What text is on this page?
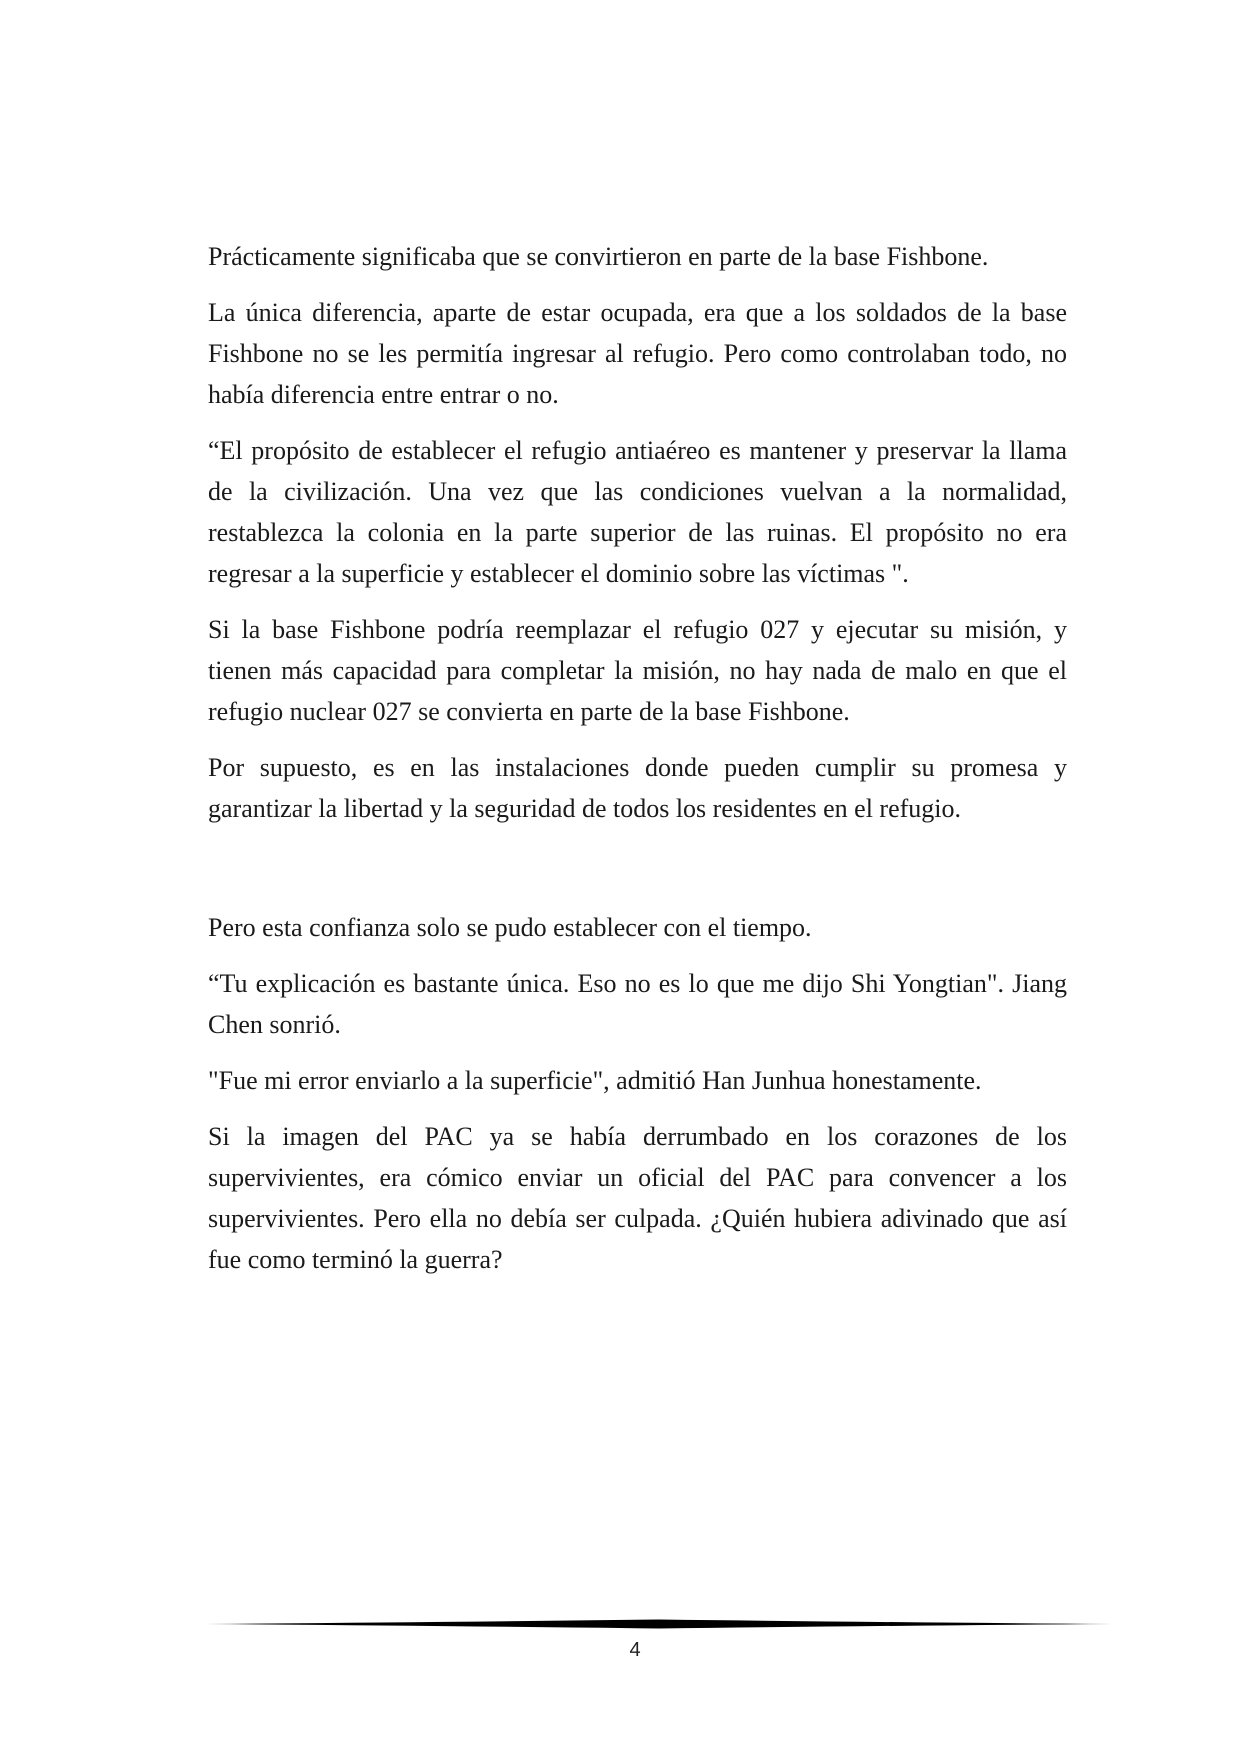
Prácticamente significaba que se convirtieron en parte de la base Fishbone.

La única diferencia, aparte de estar ocupada, era que a los soldados de la base Fishbone no se les permitía ingresar al refugio. Pero como controlaban todo, no había diferencia entre entrar o no.

“El propósito de establecer el refugio antiaéreo es mantener y preservar la llama de la civilización. Una vez que las condiciones vuelvan a la normalidad, restablezca la colonia en la parte superior de las ruinas. El propósito no era regresar a la superficie y establecer el dominio sobre las víctimas ".

Si la base Fishbone podría reemplazar el refugio 027 y ejecutar su misión, y tienen más capacidad para completar la misión, no hay nada de malo en que el refugio nuclear 027 se convierta en parte de la base Fishbone.

Por supuesto, es en las instalaciones donde pueden cumplir su promesa y garantizar la libertad y la seguridad de todos los residentes en el refugio.

Pero esta confianza solo se pudo establecer con el tiempo.

“Tu explicación es bastante única. Eso no es lo que me dijo Shi Yongtian". Jiang Chen sonrió.

"Fue mi error enviarlo a la superficie", admitió Han Junhua honestamente.

Si la imagen del PAC ya se había derrumbado en los corazones de los supervivientes, era cómico enviar un oficial del PAC para convencer a los supervivientes. Pero ella no debía ser culpada. ¿Quién hubiera adivinado que así fue como terminó la guerra?

4
